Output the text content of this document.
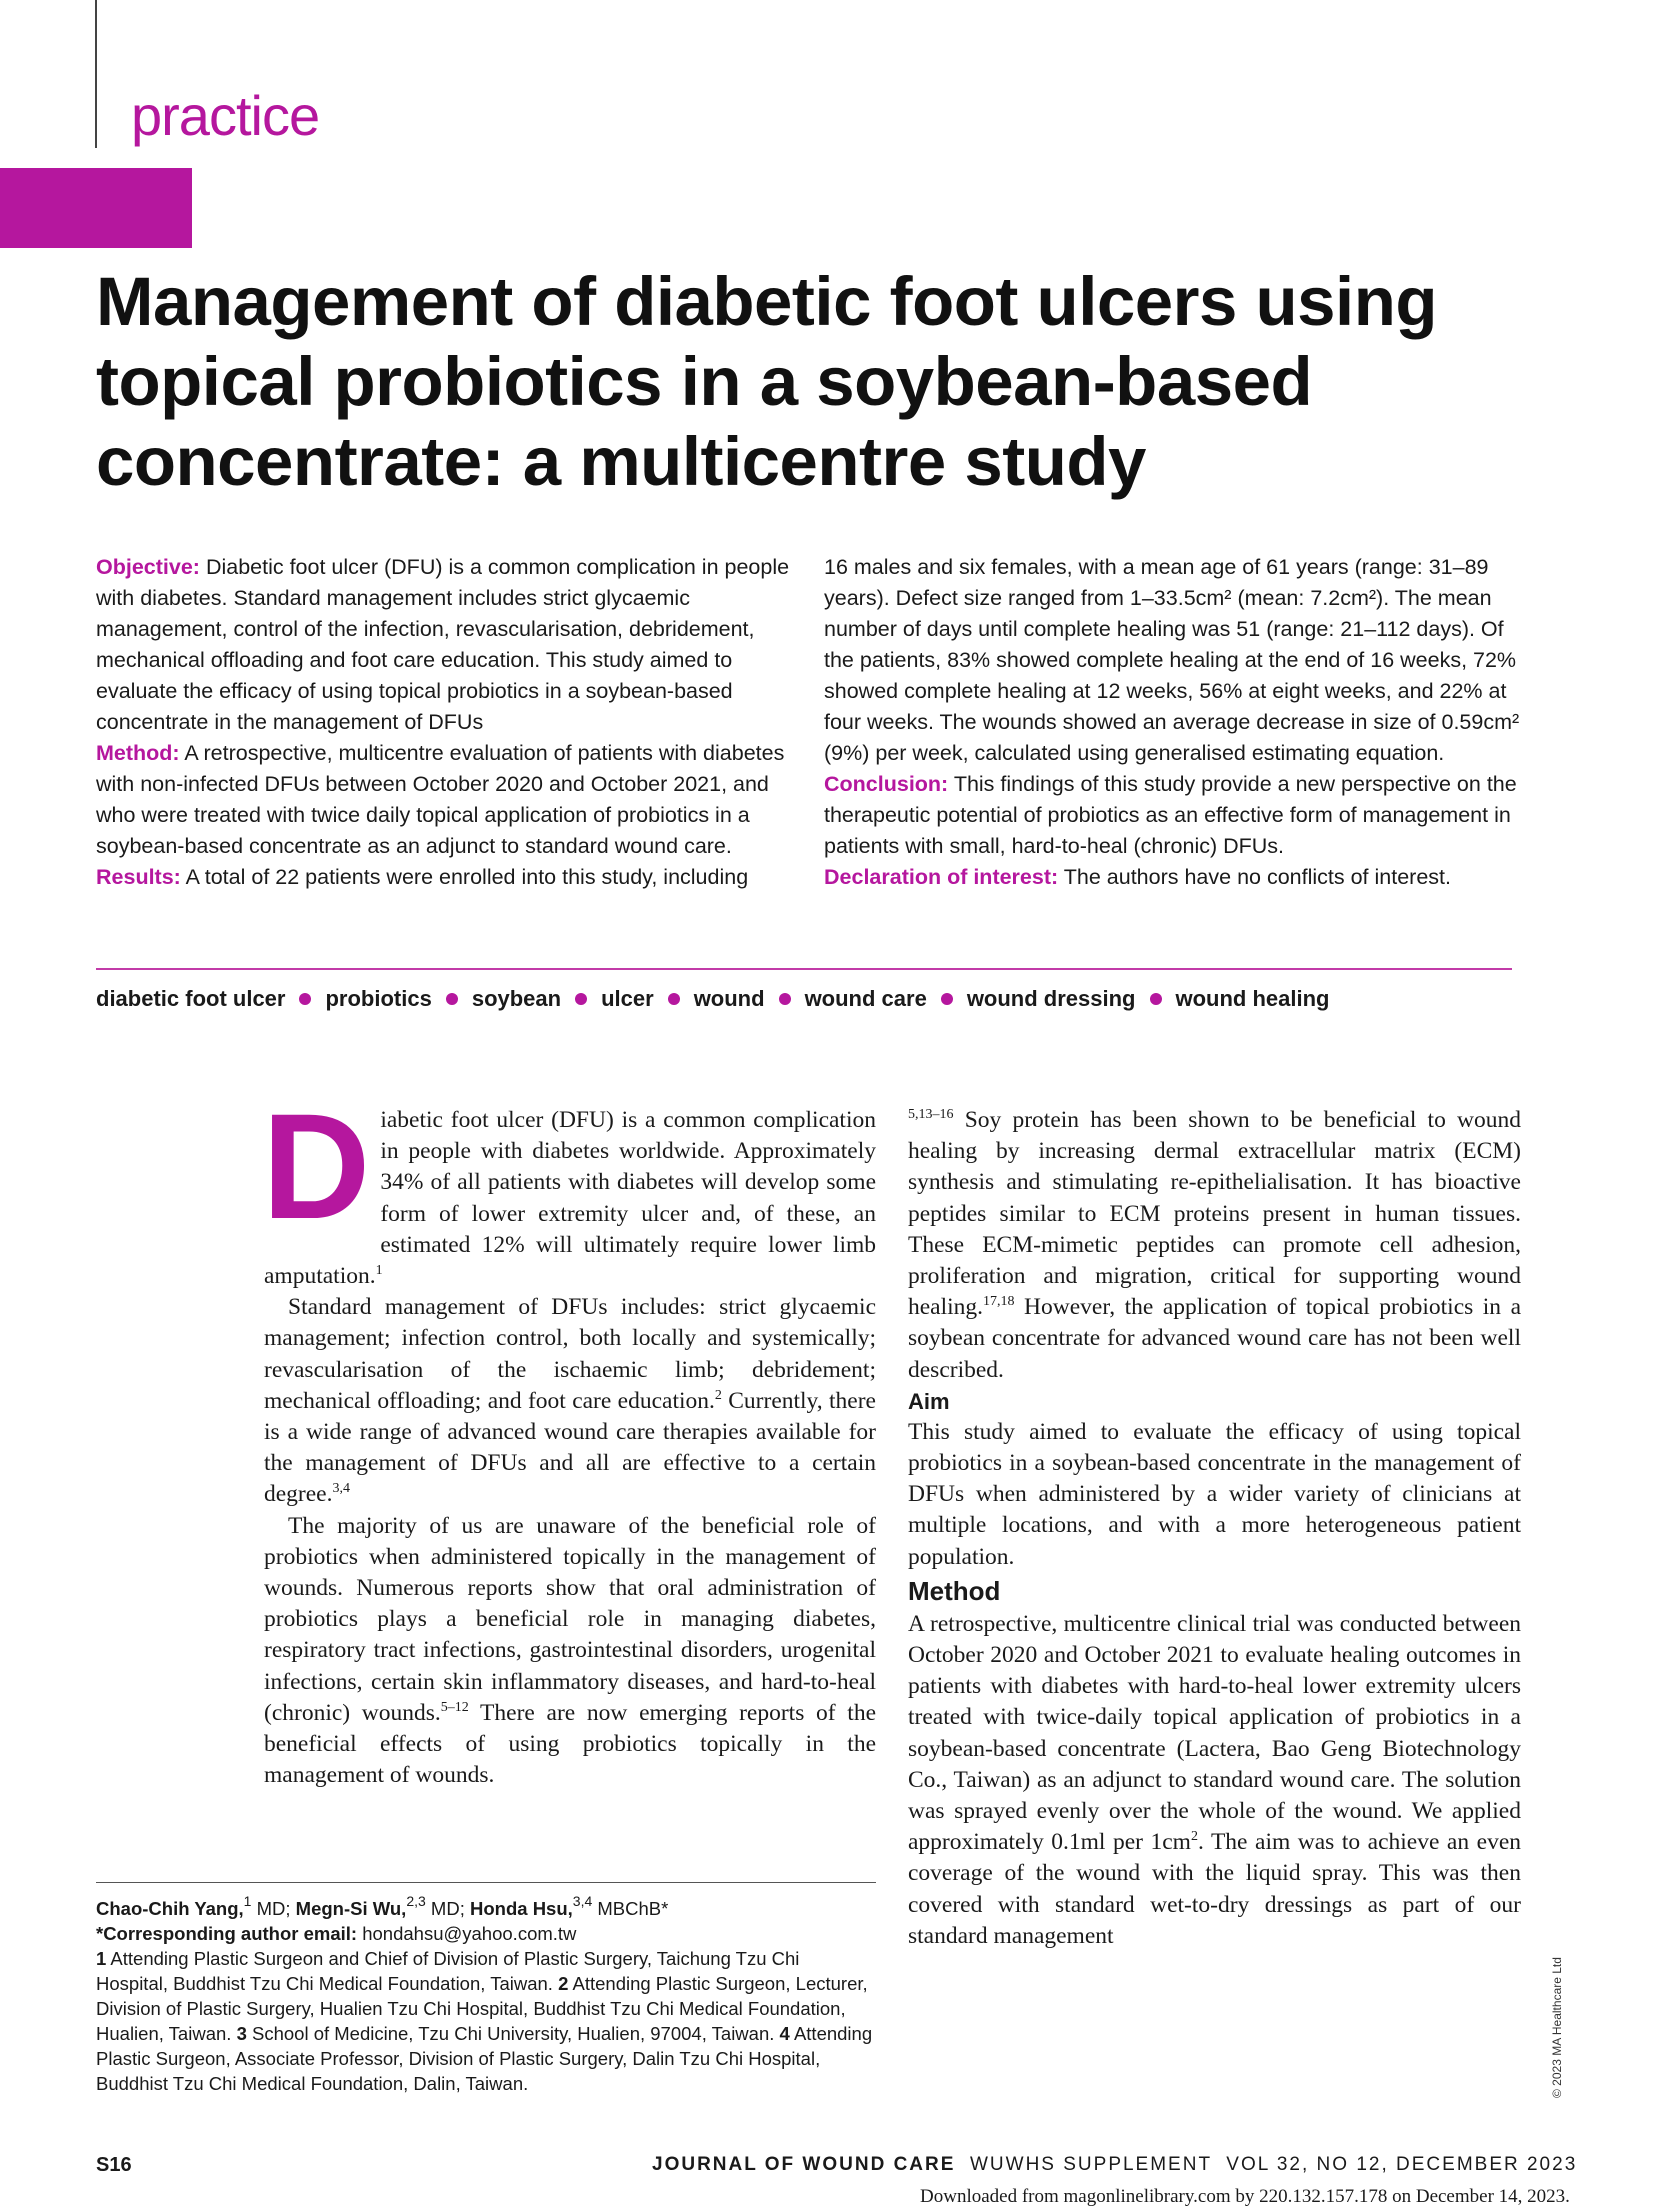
practice
Management of diabetic foot ulcers using topical probiotics in a soybean-based concentrate: a multicentre study

Objective: Diabetic foot ulcer (DFU) is a common complication in people with diabetes. Standard management includes strict glycaemic management, control of the infection, revascularisation, debridement, mechanical offloading and foot care education. This study aimed to evaluate the efficacy of using topical probiotics in a soybean-based concentrate in the management of DFUs

Method: A retrospective, multicentre evaluation of patients with diabetes with non-infected DFUs between October 2020 and October 2021, and who were treated with twice daily topical application of probiotics in a soybean-based concentrate as an adjunct to standard wound care.

Results: A total of 22 patients were enrolled into this study, including

16 males and six females, with a mean age of 61 years (range: 31–89 years). Defect size ranged from 1–33.5cm² (mean: 7.2cm²). The mean number of days until complete healing was 51 (range: 21–112 days). Of the patients, 83% showed complete healing at the end of 16 weeks, 72% showed complete healing at 12 weeks, 56% at eight weeks, and 22% at four weeks. The wounds showed an average decrease in size of 0.59cm² (9%) per week, calculated using generalised estimating equation.

Conclusion: This findings of this study provide a new perspective on the therapeutic potential of probiotics as an effective form of management in patients with small, hard-to-heal (chronic) DFUs.

Declaration of interest: The authors have no conflicts of interest.

diabetic foot ulcer probiotics soybean ulcer wound wound care wound dressing wound healing

Diabetic foot ulcer (DFU) is a common complication in people with diabetes worldwide. Approximately 34% of all patients with diabetes will develop some form of lower extremity ulcer and, of these, an estimated 12% will ultimately require lower limb amputation.$^1$

Standard management of DFUs includes: strict glycaemic management; infection control, both locally and systemically; revascularisation of the ischaemic limb; debridement; mechanical offloading; and foot care education.$^2$ Currently, there is a wide range of advanced wound care therapies available for the management of DFUs and all are effective to a certain degree.$^{3,4}$

The majority of us are unaware of the beneficial role of probiotics when administered topically in the management of wounds. Numerous reports show that oral administration of probiotics plays a beneficial role in managing diabetes, respiratory tract infections, gastrointestinal disorders, urogenital infections, certain skin inflammatory diseases, and hard-to-heal (chronic) wounds.$^{5-12}$ There are now emerging reports of the beneficial effects of using probiotics topically in the management of wounds.

$^{5,13-16}$ Soy protein has been shown to be beneficial to wound healing by increasing dermal extracellular matrix (ECM) synthesis and stimulating re-epithelialisation. It has bioactive peptides similar to ECM proteins present in human tissues. These ECM-mimetic peptides can promote cell adhesion, proliferation and migration, critical for supporting wound healing.$^{17,18}$ However, the application of topical probiotics in a soybean concentrate for advanced wound care has not been well described.

Aim

This study aimed to evaluate the efficacy of using topical probiotics in a soybean-based concentrate in the management of DFUs when administered by a wider variety of clinicians at multiple locations, and with a more heterogeneous patient population.

Method

A retrospective, multicentre clinical trial was conducted between October 2020 and October 2021 to evaluate healing outcomes in patients with diabetes with hard-to-heal lower extremity ulcers treated with twice-daily topical application of probiotics in a soybean-based concentrate (Lactera, Bao Geng Biotechnology Co., Taiwan) as an adjunct to standard wound care. The solution was sprayed evenly over the whole of the wound. We applied approximately 0.1ml per $1cm^2$. The aim was to achieve an even coverage of the wound with the liquid spray. This was then covered with standard wet-to-dry dressings as part of our standard management

Chao-Chih Yang,$^1$ MD; Megn-Si Wu,$^{2,3}$ MD; Honda Hsu,$^{3,4}$ MBChB*

*Corresponding author email: hondahsu@yahoo.com.tw

1 Attending Plastic Surgeon and Chief of Division of Plastic Surgery, Taichung Tzu Chi Hospital, Buddhist Tzu Chi Medical Foundation, Taiwan. 2 Attending Plastic Surgeon, Lecturer, Division of Plastic Surgery, Hualien Tzu Chi Hospital, Buddhist Tzu Chi Medical Foundation, Hualien, Taiwan. 3 School of Medicine, Tzu Chi University, Hualien, 97004, Taiwan. 4 Attending Plastic Surgeon, Associate Professor, Division of Plastic Surgery, Dalin Tzu Chi Hospital, Buddhist Tzu Chi Medical Foundation, Dalin, Taiwan.	© 2023 MA Healthcare Ltd
S16	JOURNAL OF WOUND CARE  WUWHS SUPPLEMENT  VOL 32, NO 12, DECEMBER 2023
Downloaded from magonlinelibrary.com by 220.132.157.178 on December 14, 2023.
